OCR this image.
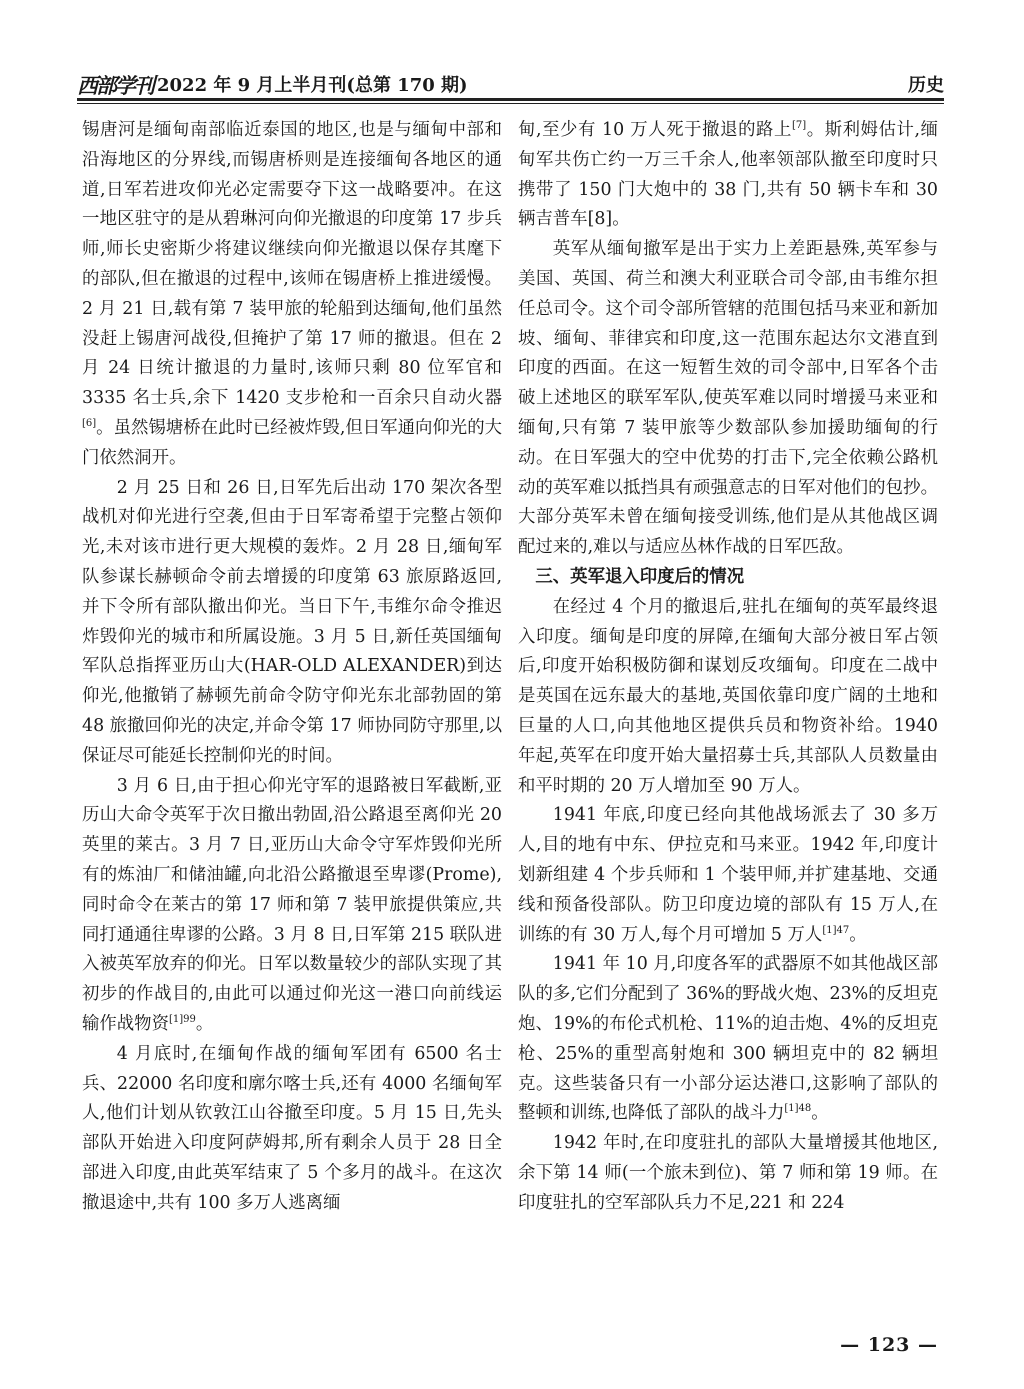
西部学刊 2022 年 9 月上半月刊(总第 170 期)	历史

锡唐河是缅甸南部临近泰国的地区,也是与缅甸中部和沿海地区的分界线,而锡唐桥则是连接缅甸各地区的通道,日军若进攻仰光必定需要夺下这一战略要冲。在这一地区驻守的是从碧琳河向仰光撤退的印度第 17 步兵师,师长史密斯少将建议继续向仰光撤退以保存其麾下的部队,但在撤退的过程中,该师在锡唐桥上推进缓慢。2 月 21 日,载有第 7 装甲旅的轮船到达缅甸,他们虽然没赶上锡唐河战役,但掩护了第 17 师的撤退。但在 2 月 24 日统计撤退的力量时,该师只剩 80 位军官和 3335 名士兵,余下 1420 支步枪和一百余只自动火器[6]。虽然锡塘桥在此时已经被炸毁,但日军通向仰光的大门依然洞开。

2 月 25 日和 26 日,日军先后出动 170 架次各型战机对仰光进行空袭,但由于日军寄希望于完整占领仰光,未对该市进行更大规模的轰炸。2 月 28 日,缅甸军队参谋长赫顿命令前去增援的印度第 63 旅原路返回,并下令所有部队撤出仰光。当日下午,韦维尔命令推迟炸毁仰光的城市和所属设施。3 月 5 日,新任英国缅甸军队总指挥亚历山大(HAR-OLD ALEXANDER)到达仰光,他撤销了赫顿先前命令防守仰光东北部勃固的第 48 旅撤回仰光的决定,并命令第 17 师协同防守那里,以保证尽可能延长控制仰光的时间。

3 月 6 日,由于担心仰光守军的退路被日军截断,亚历山大命令英军于次日撤出勃固,沿公路退至离仰光 20 英里的莱古。3 月 7 日,亚历山大命令守军炸毁仰光所有的炼油厂和储油罐,向北沿公路撤退至卑谬(Prome),同时命令在莱古的第 17 师和第 7 装甲旅提供策应,共同打通通往卑谬的公路。3 月 8 日,日军第 215 联队进入被英军放弃的仰光。日军以数量较少的部队实现了其初步的作战目的,由此可以通过仰光这一港口向前线运输作战物资$^{[1]99}$。

4 月底时,在缅甸作战的缅甸军团有 6500 名士兵、22000 名印度和廓尔喀士兵,还有 4000 名缅甸军人,他们计划从钦敦江山谷撤至印度。5 月 15 日,先头部队开始进入印度阿萨姆邦,所有剩余人员于 28 日全部进入印度,由此英军结束了 5 个多月的战斗。在这次撤退途中,共有 100 多万人逃离缅

甸,至少有 10 万人死于撤退的路上[7]。斯利姆估计,缅甸军共伤亡约一万三千余人,他率领部队撤至印度时只携带了 150 门大炮中的 38 门,共有 50 辆卡车和 30 辆吉普车[8]。

英军从缅甸撤军是出于实力上差距悬殊,英军参与美国、英国、荷兰和澳大利亚联合司令部,由韦维尔担任总司令。这个司令部所管辖的范围包括马来亚和新加坡、缅甸、菲律宾和印度,这一范围东起达尔文港直到印度的西面。在这一短暂生效的司令部中,日军各个击破上述地区的联军军队,使英军难以同时增援马来亚和缅甸,只有第 7 装甲旅等少数部队参加援助缅甸的行动。在日军强大的空中优势的打击下,完全依赖公路机动的英军难以抵挡具有顽强意志的日军对他们的包抄。大部分英军未曾在缅甸接受训练,他们是从其他战区调配过来的,难以与适应丛林作战的日军匹敌。

三、英军退入印度后的情况

在经过 4 个月的撤退后,驻扎在缅甸的英军最终退入印度。缅甸是印度的屏障,在缅甸大部分被日军占领后,印度开始积极防御和谋划反攻缅甸。印度在二战中是英国在远东最大的基地,英国依靠印度广阔的土地和巨量的人口,向其他地区提供兵员和物资补给。1940 年起,英军在印度开始大量招募士兵,其部队人员数量由和平时期的 20 万人增加至 90 万人。

1941 年底,印度已经向其他战场派去了 30 多万人,目的地有中东、伊拉克和马来亚。1942 年,印度计划新组建 4 个步兵师和 1 个装甲师,并扩建基地、交通线和预备役部队。防卫印度边境的部队有 15 万人,在训练的有 30 万人,每个月可增加 5 万人$^{[1]47}$。

1941 年 10 月,印度各军的武器原不如其他战区部队的多,它们分配到了 36%的野战火炮、23%的反坦克炮、19%的布伦式机枪、11%的迫击炮、4%的反坦克枪、25%的重型高射炮和 300 辆坦克中的 82 辆坦克。这些装备只有一小部分运达港口,这影响了部队的整顿和训练,也降低了部队的战斗力$^{[1]48}$。

1942 年时,在印度驻扎的部队大量增援其他地区,余下第 14 师(一个旅未到位)、第 7 师和第 19 师。在印度驻扎的空军部队兵力不足,221 和 224

— 123 —
